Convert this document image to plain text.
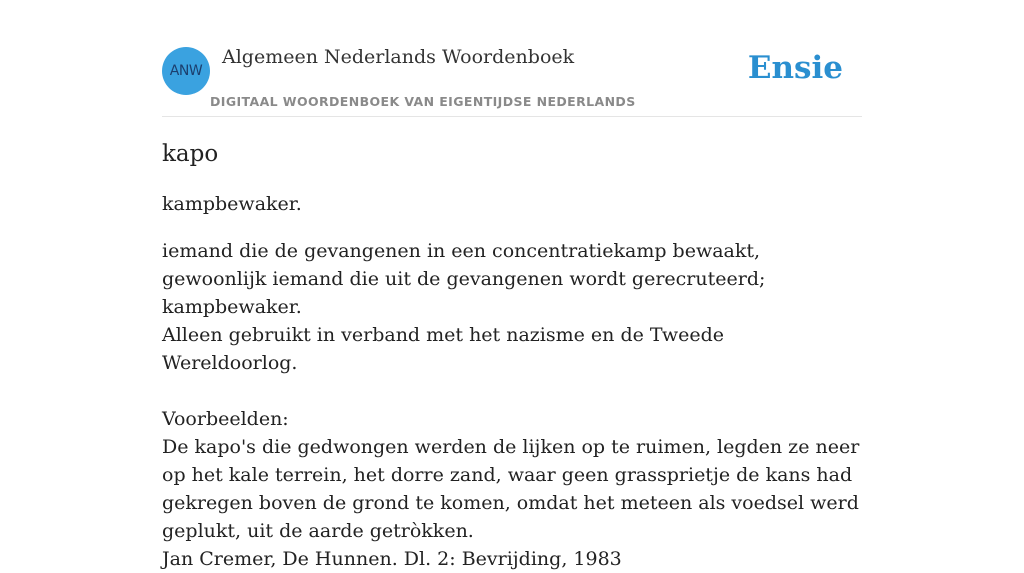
ANW
Algemeen Nederlands Woordenboek
DIGITAAL WOORDENBOEK VAN EIGENTIJDSE NEDERLANDS
Ensie
kapo

kampbewaker.

iemand die de gevangenen in een concentratiekamp bewaakt, gewoonlijk iemand die uit de gevangenen wordt gerecruteerd; kampbewaker.

Alleen gebruikt in verband met het nazisme en de Tweede Wereldoorlog.

Voorbeelden:

De kapo's die gedwongen werden de lijken op te ruimen, legden ze neer op het kale terrein, het dorre zand, waar geen grassprietje de kans had gekregen boven de grond te komen, omdat het meteen als voedsel werd geplukt, uit de aarde getròkken.

Jan Cremer, De Hunnen. Dl. 2: Bevrijding, 1983
